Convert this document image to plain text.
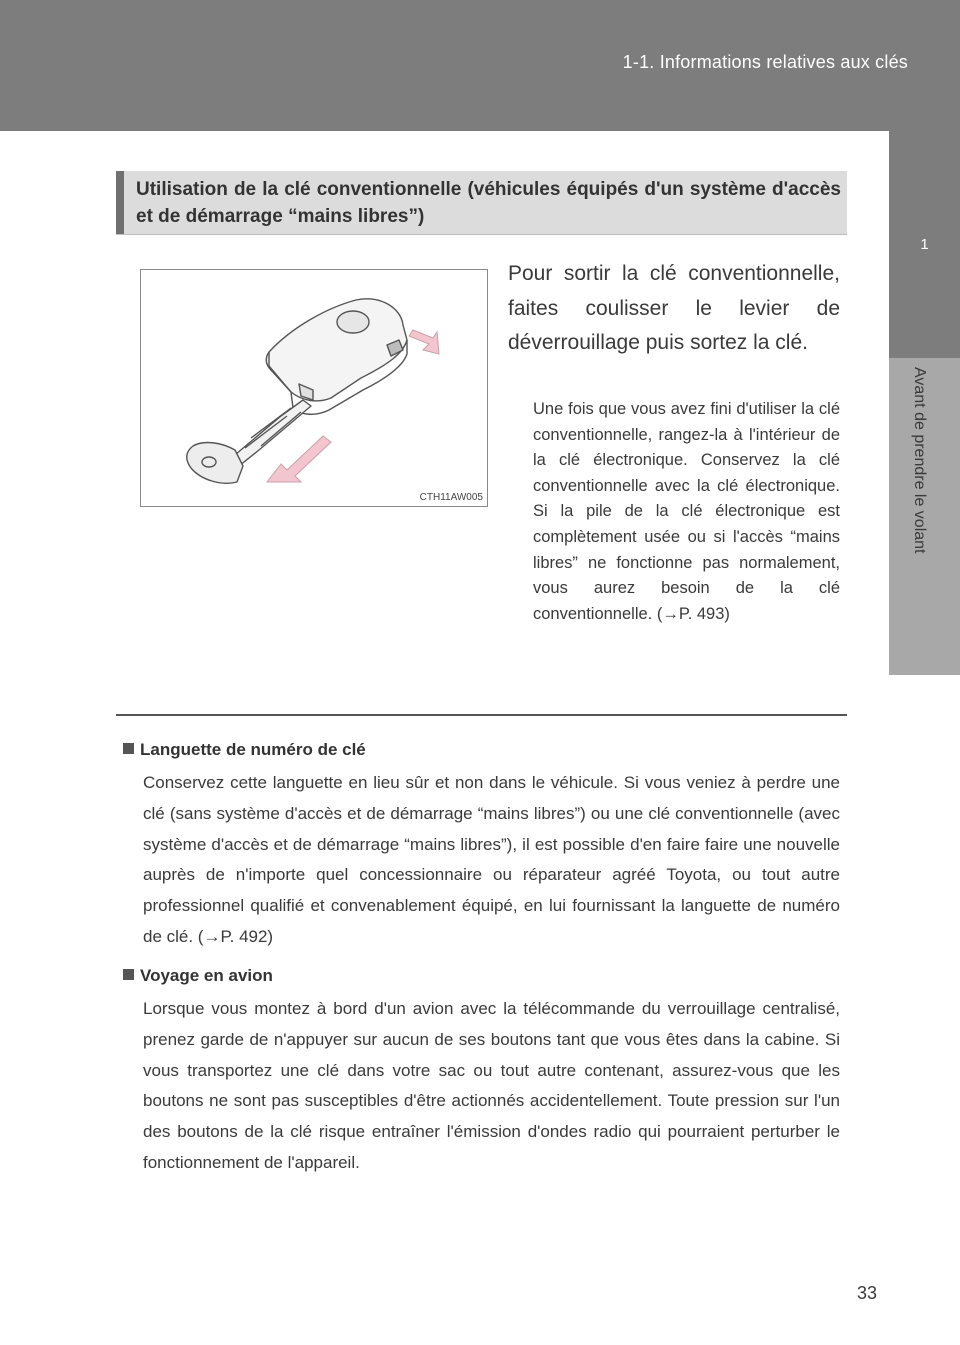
1-1. Informations relatives aux clés
1
Avant de prendre le volant
Utilisation de la clé conventionnelle (véhicules équipés d'un système d'accès et de démarrage “mains libres”)
CTH11AW005
Pour sortir la clé conventionnelle, faites coulisser le levier de déverrouillage puis sortez la clé.
Une fois que vous avez fini d'utiliser la clé conventionnelle, rangez-la à l'intérieur de la clé électronique. Conservez la clé conventionnelle avec la clé électronique. Si la pile de la clé électronique est complètement usée ou si l'accès “mains libres” ne fonctionne pas normalement, vous aurez besoin de la clé conventionnelle. (→P. 493)
Languette de numéro de clé
Conservez cette languette en lieu sûr et non dans le véhicule. Si vous veniez à perdre une clé (sans système d'accès et de démarrage “mains libres”) ou une clé conventionnelle (avec système d'accès et de démarrage “mains libres”), il est possible d'en faire faire une nouvelle auprès de n'importe quel concessionnaire ou réparateur agréé Toyota, ou tout autre professionnel qualifié et convenablement équipé, en lui fournissant la languette de numéro de clé. (→P. 492)
Voyage en avion
Lorsque vous montez à bord d'un avion avec la télécommande du verrouillage centralisé, prenez garde de n'appuyer sur aucun de ses boutons tant que vous êtes dans la cabine. Si vous transportez une clé dans votre sac ou tout autre contenant, assurez-vous que les boutons ne sont pas susceptibles d'être actionnés accidentellement. Toute pression sur l'un des boutons de la clé risque entraîner l'émission d'ondes radio qui pourraient perturber le fonctionnement de l'appareil.
33
